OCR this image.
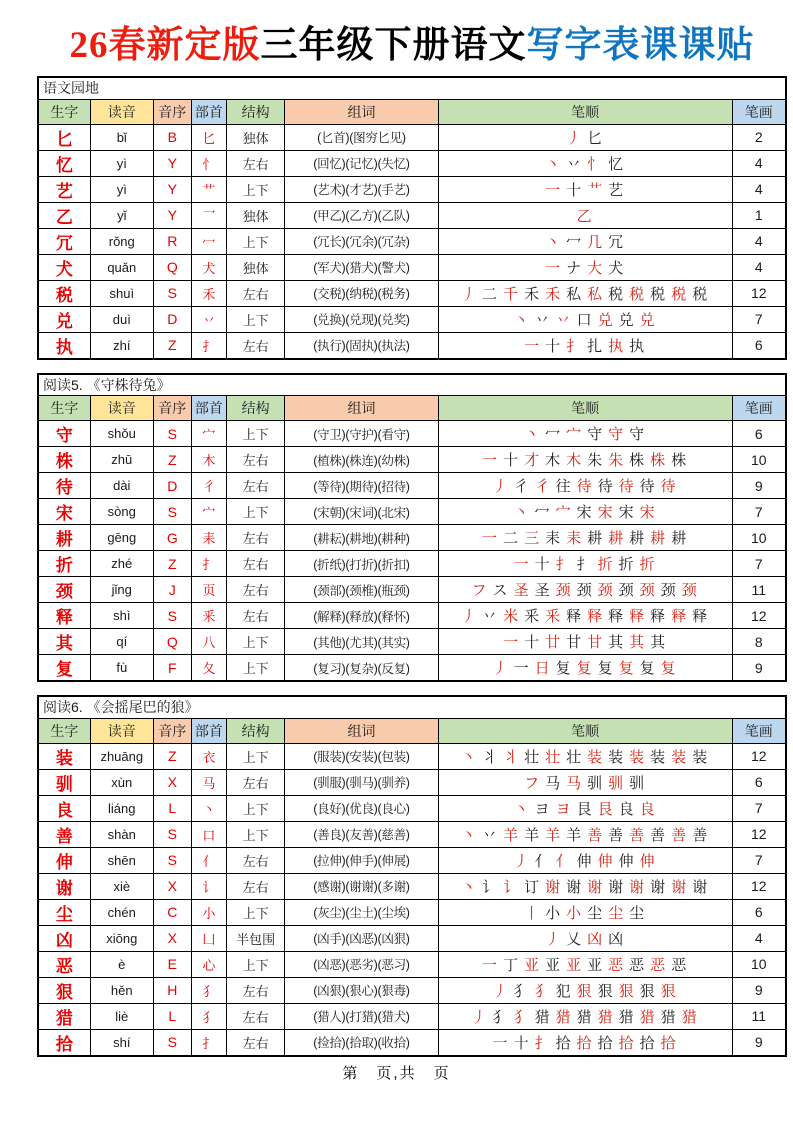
26春新定版三年级下册语文写字表课课贴
语文园地							
生字	读音	音序	部首	结构	组词	笔顺	笔画
匕	bǐ	B	匕	独体	(匕首)(图穷匕见)	丿 匕	2
忆	yì	Y	忄	左右	(回忆)(记忆)(失忆)	丶 丷 忄 忆	4
艺	yì	Y	艹	上下	(艺术)(才艺)(手艺)	一 十 艹 艺	4
乙	yǐ	Y	乛	独体	(甲乙)(乙方)(乙队)	乙	1
冗	rǒng	R	冖	上下	(冗长)(冗余)(冗杂)	丶 冖 几 冗	4
犬	quǎn	Q	犬	独体	(军犬)(猎犬)(警犬)	一 ナ 大 犬	4
税	shuì	S	禾	左右	(交税)(纳税)(税务)	丿 二 千 禾 禾 私 私 税 税 税 税 税	12
兑	duì	D	丷	上下	(兑换)(兑现)(兑奖)	丶 丷 丷 口 兑 兑 兑	7
执	zhí	Z	扌	左右	(执行)(固执)(执法)	一 十 扌 扎 执 执	6
阅读5. 《守株待兔》							
生字	读音	音序	部首	结构	组词	笔顺	笔画
守	shǒu	S	宀	上下	(守卫)(守护)(看守)	丶 冖 宀 守 守 守	6
株	zhū	Z	木	左右	(植株)(株连)(幼株)	一 十 才 木 木 朱 朱 株 株 株	10
待	dài	D	彳	左右	(等待)(期待)(招待)	丿 彳 彳 往 待 待 待 待 待	9
宋	sòng	S	宀	上下	(宋朝)(宋词)(北宋)	丶 冖 宀 宋 宋 宋 宋	7
耕	gēng	G	耒	左右	(耕耘)(耕地)(耕种)	一 二 三 耒 耒 耕 耕 耕 耕 耕	10
折	zhé	Z	扌	左右	(折纸)(打折)(折扣)	一 十 扌 扌 折 折 折	7
颈	jǐng	J	页	左右	(颈部)(颈椎)(瓶颈)	フ ス 圣 圣 颈 颈 颈 颈 颈 颈 颈	11
释	shì	S	釆	左右	(解释)(释放)(释怀)	丿 丷 米 釆 釆 释 释 释 释 释 释 释	12
其	qí	Q	八	上下	(其他)(尤其)(其实)	一 十 廿 甘 甘 其 其 其	8
复	fù	F	夂	上下	(复习)(复杂)(反复)	丿 一 日 复 复 复 复 复 复	9
阅读6. 《会摇尾巴的狼》							
生字	读音	音序	部首	结构	组词	笔顺	笔画
装	zhuāng	Z	衣	上下	(服装)(安装)(包装)	丶 丬 丬 壮 壮 壮 装 装 装 装 装 装	12
驯	xùn	X	马	左右	(驯服)(驯马)(驯养)	フ 马 马 驯 驯 驯	6
良	liáng	L	丶	上下	(良好)(优良)(良心)	丶 ヨ ヨ 艮 艮 良 良	7
善	shàn	S	口	上下	(善良)(友善)(慈善)	丶 丷 羊 羊 羊 羊 善 善 善 善 善 善	12
伸	shēn	S	亻	左右	(拉伸)(伸手)(伸展)	丿 亻 亻 伸 伸 伸 伸	7
谢	xiè	X	讠	左右	(感谢)(谢谢)(多谢)	丶 讠 讠 订 谢 谢 谢 谢 谢 谢 谢 谢	12
尘	chén	C	小	上下	(灰尘)(尘土)(尘埃)	丨 小 小 尘 尘 尘	6
凶	xiōng	X	凵	半包围	(凶手)(凶恶)(凶狠)	丿 乂 凶 凶	4
恶	è	E	心	上下	(凶恶)(恶劣)(恶习)	一 丁 亚 亚 亚 亚 恶 恶 恶 恶	10
狠	hěn	H	犭	左右	(凶狠)(狠心)(狠毒)	丿 犭 犭 犯 狠 狠 狠 狠 狠	9
猎	liè	L	犭	左右	(猎人)(打猎)(猎犬)	丿 犭 犭 猎 猎 猎 猎 猎 猎 猎 猎	11
拾	shí	S	扌	左右	(捡拾)(拾取)(收拾)	一 十 扌 拾 拾 拾 拾 拾 拾	9
第　页,共　页
